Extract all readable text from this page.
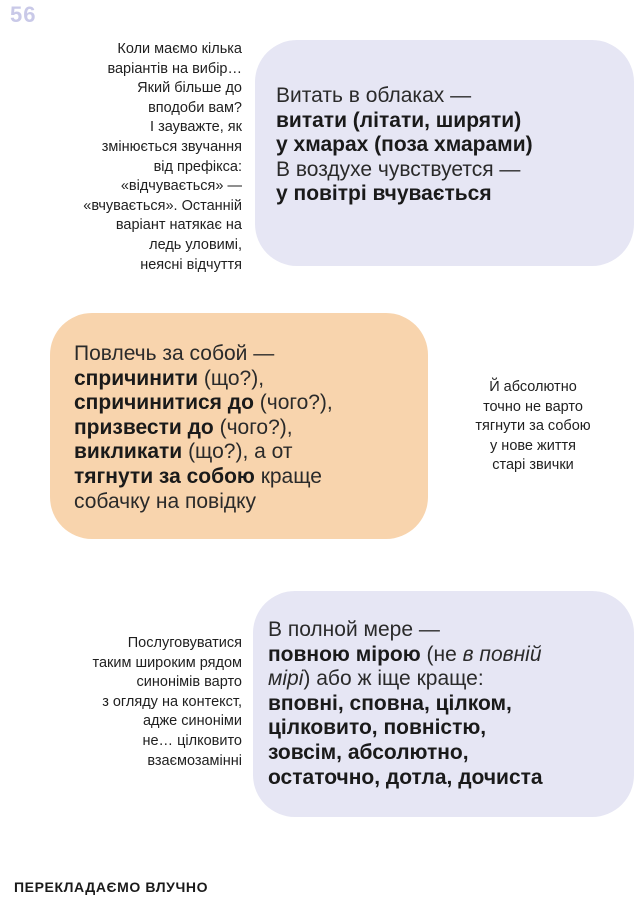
56
Коли маємо кілька
варіантів на вибір…
Який більше до
вподоби вам?
І зауважте, як
змінюється звучання
від префікса:
«відчувається» —
«вчувається». Останній
варіант натякає на
ледь уловимі,
неясні відчуття
Витать в облаках —
витати (літати, ширяти)
у хмарах (поза хмарами)
В воздухе чувствуется —
у повітрі вчувається
Повлечь за собой —
спричинити (що?),
спричинитися до (чого?),
призвести до (чого?),
викликати (що?), а от
тягнути за собою краще
собачку на повідку
Й абсолютно
точно не варто
тягнути за собою
у нове життя
старі звички
В полной мере —
повною мірою (не в повній
мірі) або ж іще краще:
вповні, сповна, цілком,
цілковито, повністю,
зовсім, абсолютно,
остаточно, дотла, дочиста
Послуговуватися
таким широким рядом
синонімів варто
з огляду на контекст,
адже синоніми
не… цілковито
взаємозамінні
ПЕРЕКЛАДАЄМО ВЛУЧНО
